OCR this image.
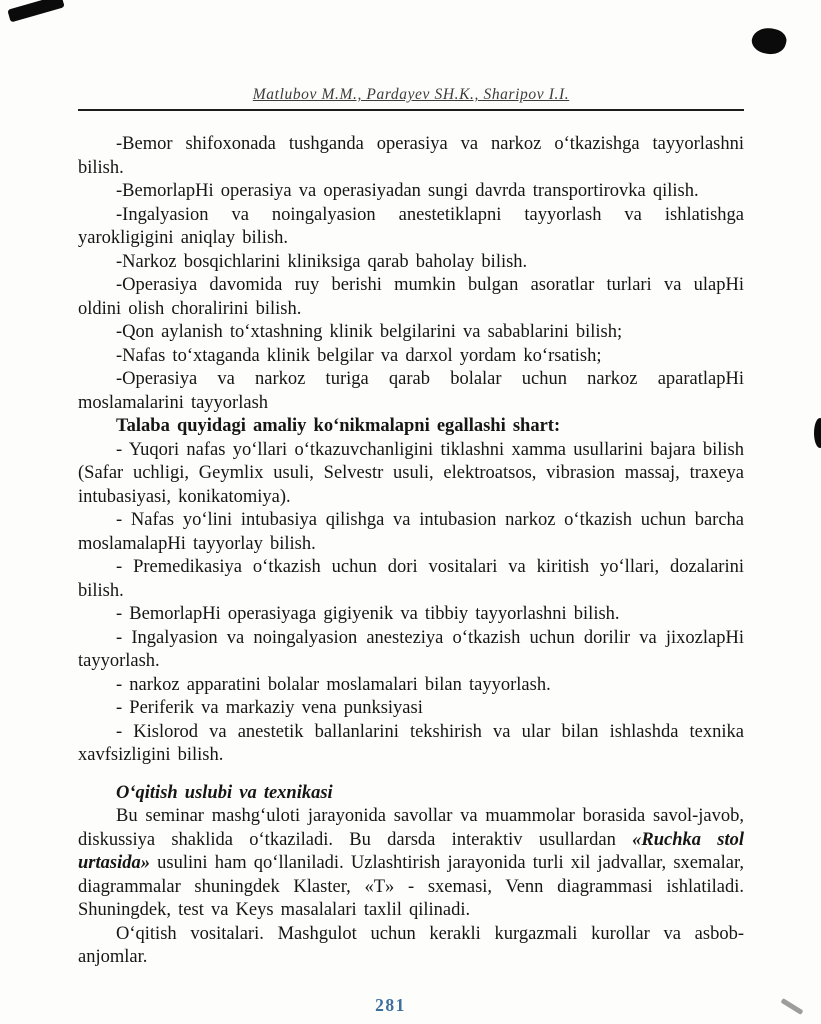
Matlubov M.M., Pardayev SH.K., Sharipov I.I.

-Bemor shifoxonada tushganda operasiya va narkoz o‘tkazishga tayyorlashni bilish.

-BemorlapHi operasiya va operasiyadan sungi davrda transportirovka qilish.

-Ingalyasion va noingalyasion anestetiklapni tayyorlash va ishlatishga yarokligigini aniqlay bilish.

-Narkoz bosqichlarini kliniksiga qarab baholay bilish.

-Operasiya davomida ruy berishi mumkin bulgan asoratlar turlari va ulapHi oldini olish choralirini bilish.

-Qon aylanish to‘xtashning klinik belgilarini va sabablarini bilish;

-Nafas to‘xtaganda klinik belgilar va darxol yordam ko‘rsatish;

-Operasiya va narkoz turiga qarab bolalar uchun narkoz aparatlapHi moslamalarini tayyorlash

Talaba quyidagi amaliy ko‘nikmalapni egallashi shart:

- Yuqori nafas yo‘llari o‘tkazuvchanligini tiklashni xamma usullarini bajara bilish (Safar uchligi, Geymlix usuli, Selvestr usuli, elektroatsos, vibrasion massaj, traxeya intubasiyasi, konikatomiya).

- Nafas yo‘lini intubasiya qilishga va intubasion narkoz o‘tkazish uchun barcha moslamalapHi tayyorlay bilish.

- Premedikasiya o‘tkazish uchun dori vositalari va kiritish yo‘llari, dozalarini bilish.

- BemorlapHi operasiyaga gigiyenik va tibbiy tayyorlashni bilish.

- Ingalyasion va noingalyasion anesteziya o‘tkazish uchun dorilir va jixozlapHi tayyorlash.

- narkoz apparatini bolalar moslamalari bilan tayyorlash.

- Periferik va markaziy vena punksiyasi

- Kislorod va anestetik ballanlarini tekshirish va ular bilan ishlashda texnika xavfsizligini bilish.

O‘qitish uslubi va texnikasi

Bu seminar mashg‘uloti jarayonida savollar va muammolar borasida savol-javob, diskussiya shaklida o‘tkaziladi. Bu darsda interaktiv usullardan «Ruchka stol urtasida» usulini ham qo‘llaniladi. Uzlashtirish jarayonida turli xil jadvallar, sxemalar, diagrammalar shuningdek Klaster, «T» - sxemasi, Venn diagrammasi ishlatiladi. Shuningdek, test va Keys masalalari taxlil qilinadi.

O‘qitish vositalari. Mashgulot uchun kerakli kurgazmali kurollar va asbob-anjomlar.

281
